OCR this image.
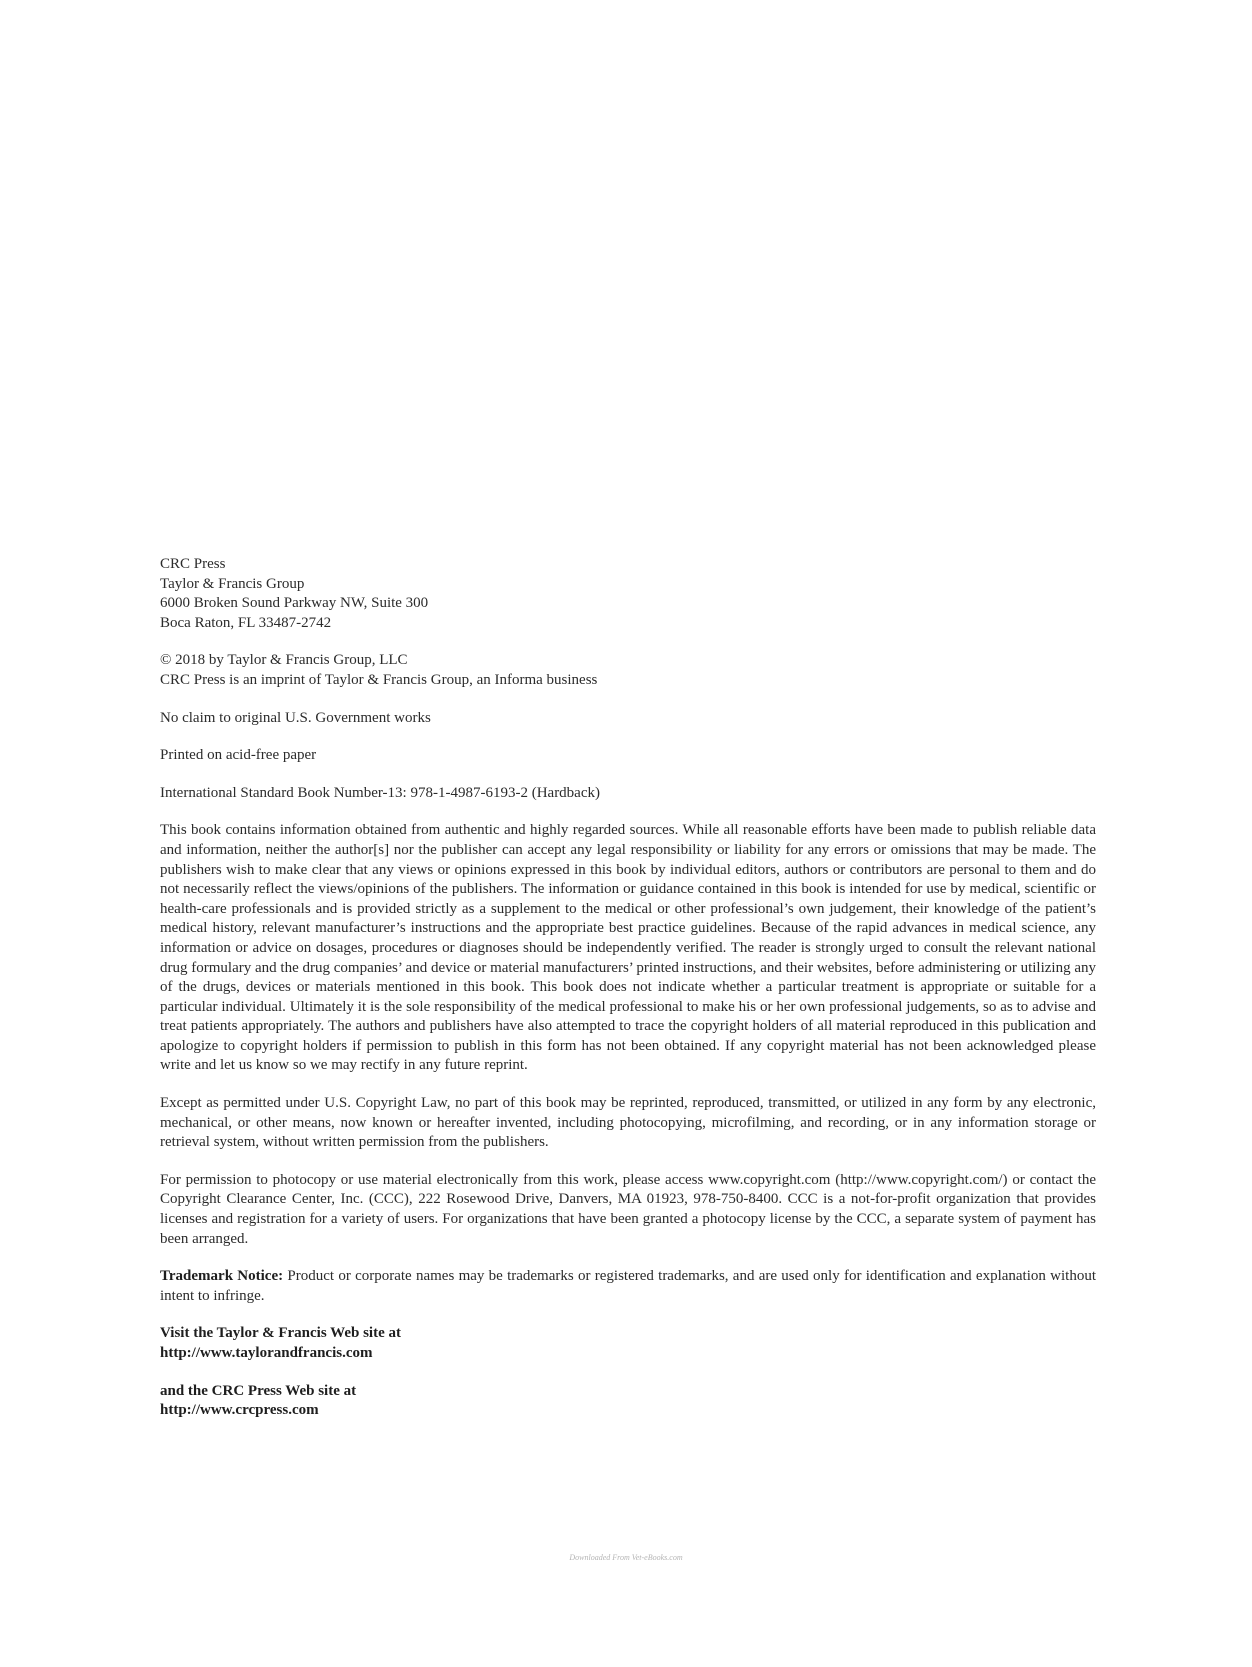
CRC Press
Taylor & Francis Group
6000 Broken Sound Parkway NW, Suite 300
Boca Raton, FL 33487-2742
© 2018 by Taylor & Francis Group, LLC
CRC Press is an imprint of Taylor & Francis Group, an Informa business
No claim to original U.S. Government works
Printed on acid-free paper
International Standard Book Number-13: 978-1-4987-6193-2 (Hardback)
This book contains information obtained from authentic and highly regarded sources. While all reasonable efforts have been made to publish reliable data and information, neither the author[s] nor the publisher can accept any legal responsibility or liability for any errors or omissions that may be made. The publishers wish to make clear that any views or opinions expressed in this book by individual editors, authors or contributors are personal to them and do not necessarily reflect the views/opinions of the publishers. The information or guidance contained in this book is intended for use by medical, scientific or health-care professionals and is provided strictly as a supplement to the medical or other professional’s own judgement, their knowledge of the patient’s medical history, relevant manufacturer’s instructions and the appropriate best practice guidelines. Because of the rapid advances in medical science, any information or advice on dosages, procedures or diagnoses should be independently verified. The reader is strongly urged to consult the relevant national drug formulary and the drug companies’ and device or material manufacturers’ printed instructions, and their websites, before administering or utilizing any of the drugs, devices or materials mentioned in this book. This book does not indicate whether a particular treatment is appropriate or suitable for a particular individual. Ultimately it is the sole responsibility of the medical professional to make his or her own professional judgements, so as to advise and treat patients appropriately. The authors and publishers have also attempted to trace the copyright holders of all material reproduced in this publication and apologize to copyright holders if permission to publish in this form has not been obtained. If any copyright material has not been acknowledged please write and let us know so we may rectify in any future reprint.
Except as permitted under U.S. Copyright Law, no part of this book may be reprinted, reproduced, transmitted, or utilized in any form by any electronic, mechanical, or other means, now known or hereafter invented, including photocopying, microfilming, and recording, or in any information storage or retrieval system, without written permission from the publishers.
For permission to photocopy or use material electronically from this work, please access www.copyright.com (http://www.copyright.com/) or contact the Copyright Clearance Center, Inc. (CCC), 222 Rosewood Drive, Danvers, MA 01923, 978-750-8400. CCC is a not-for-profit organization that provides licenses and registration for a variety of users. For organizations that have been granted a photocopy license by the CCC, a separate system of payment has been arranged.
Trademark Notice: Product or corporate names may be trademarks or registered trademarks, and are used only for identification and explanation without intent to infringe.
Visit the Taylor & Francis Web site at
http://www.taylorandfrancis.com
and the CRC Press Web site at
http://www.crcpress.com
Downloaded From Vet-eBooks.com
